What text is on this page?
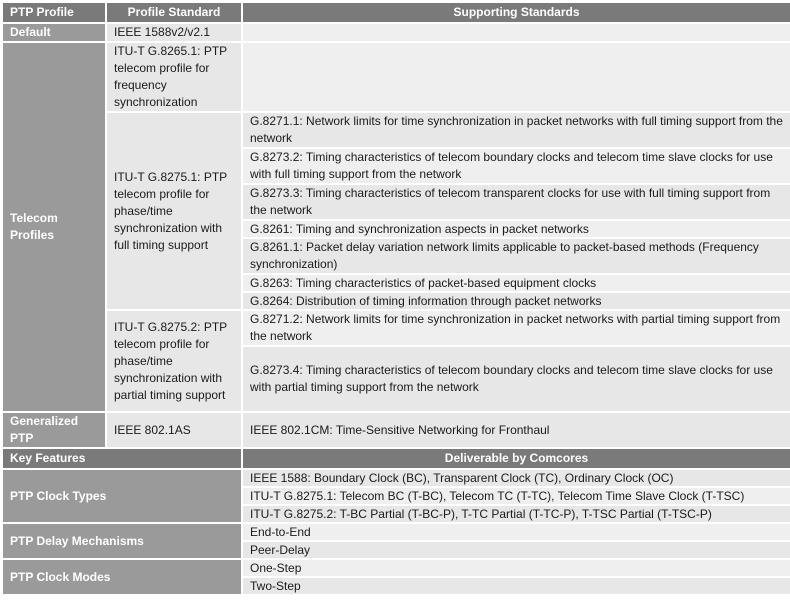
PTP Profile	Profile Standard	Supporting Standards
Default	IEEE 1588v2/v2.1	
Telecom Profiles	ITU-T G.8265.1: PTP telecom profile for frequency synchronization	
	ITU-T G.8275.1: PTP telecom profile for phase/time synchronization with full timing support	G.8271.1: Network limits for time synchronization in packet networks with full timing support from the network
		G.8273.2: Timing characteristics of telecom boundary clocks and telecom time slave clocks for use with full timing support from the network
		G.8273.3: Timing characteristics of telecom transparent clocks for use with full timing support from the network
		G.8261: Timing and synchronization aspects in packet networks
		G.8261.1: Packet delay variation network limits applicable to packet-based methods (Frequency synchronization)
		G.8263: Timing characteristics of packet-based equipment clocks
		G.8264: Distribution of timing information through packet networks
	ITU-T G.8275.2: PTP telecom profile for phase/time synchronization with partial timing support	G.8271.2: Network limits for time synchronization in packet networks with partial timing support from the network
		G.8273.4: Timing characteristics of telecom boundary clocks and telecom time slave clocks for use with partial timing support from the network
Generalized PTP	IEEE 802.1AS	IEEE 802.1CM: Time-Sensitive Networking for Fronthaul
Key Features		Deliverable by Comcores
PTP Clock Types		IEEE 1588: Boundary Clock (BC), Transparent Clock (TC), Ordinary Clock (OC)
		ITU-T G.8275.1: Telecom BC (T-BC), Telecom TC (T-TC), Telecom Time Slave Clock (T-TSC)
		ITU-T G.8275.2: T-BC Partial (T-BC-P), T-TC Partial (T-TC-P), T-TSC Partial (T-TSC-P)
PTP Delay Mechanisms		End-to-End
		Peer-Delay
PTP Clock Modes		One-Step
		Two-Step
